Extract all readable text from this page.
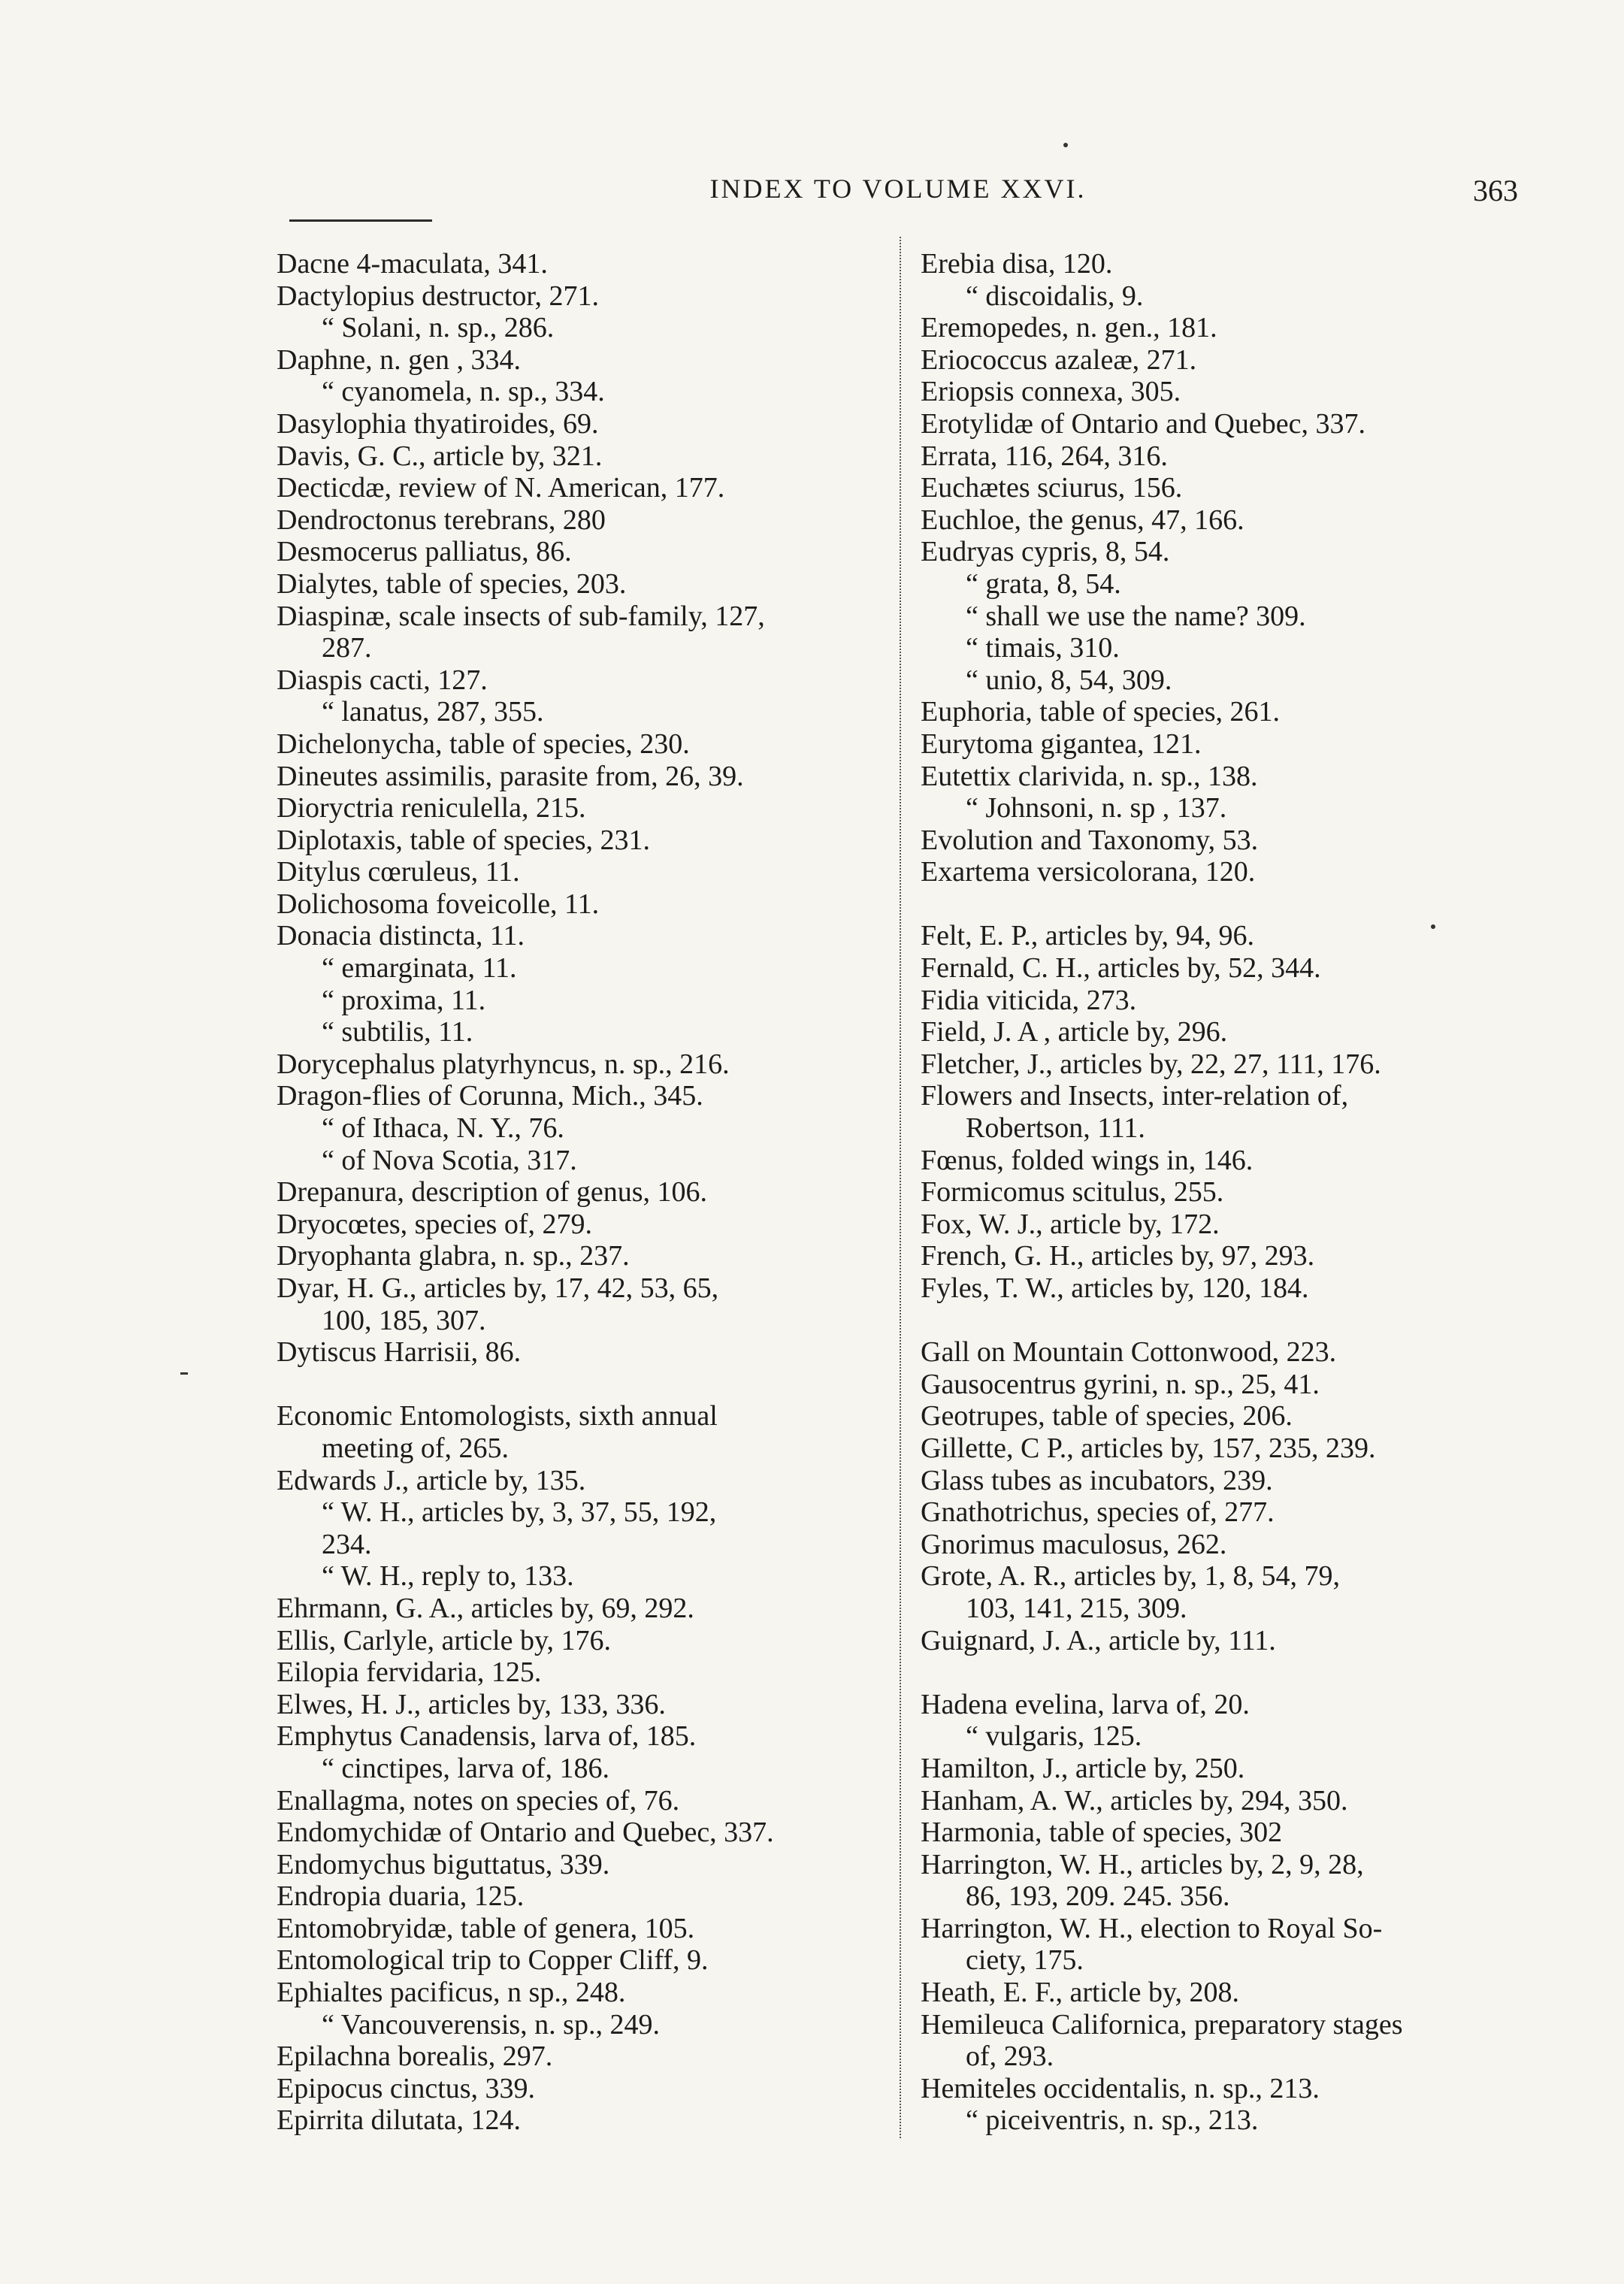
INDEX TO VOLUME XXVI.	363
Dacne 4-maculata, 341.
Dactylopius destructor, 271.
“ Solani, n. sp., 286.
Daphne, n. gen , 334.
“ cyanomela, n. sp., 334.
Dasylophia thyatiroides, 69.
Davis, G. C., article by, 321.
Decticdæ, review of N. American, 177.
Dendroctonus terebrans, 280
Desmocerus palliatus, 86.
Dialytes, table of species, 203.
Diaspinæ, scale insects of sub-family, 127,
287.
Diaspis cacti, 127.
“ lanatus, 287, 355.
Dichelonycha, table of species, 230.
Dineutes assimilis, parasite from, 26, 39.
Dioryctria reniculella, 215.
Diplotaxis, table of species, 231.
Ditylus cœruleus, 11.
Dolichosoma foveicolle, 11.
Donacia distincta, 11.
“ emarginata, 11.
“ proxima, 11.
“ subtilis, 11.
Dorycephalus platyrhyncus, n. sp., 216.
Dragon-flies of Corunna, Mich., 345.
“ of Ithaca, N. Y., 76.
“ of Nova Scotia, 317.
Drepanura, description of genus, 106.
Dryocœtes, species of, 279.
Dryophanta glabra, n. sp., 237.
Dyar, H. G., articles by, 17, 42, 53, 65,
100, 185, 307.
Dytiscus Harrisii, 86.
Economic Entomologists, sixth annual
meeting of, 265.
Edwards J., article by, 135.
“ W. H., articles by, 3, 37, 55, 192,
234.
“ W. H., reply to, 133.
Ehrmann, G. A., articles by, 69, 292.
Ellis, Carlyle, article by, 176.
Eilopia fervidaria, 125.
Elwes, H. J., articles by, 133, 336.
Emphytus Canadensis, larva of, 185.
“ cinctipes, larva of, 186.
Enallagma, notes on species of, 76.
Endomychidæ of Ontario and Quebec, 337.
Endomychus biguttatus, 339.
Endropia duaria, 125.
Entomobryidæ, table of genera, 105.
Entomological trip to Copper Cliff, 9.
Ephialtes pacificus, n sp., 248.
“ Vancouverensis, n. sp., 249.
Epilachna borealis, 297.
Epipocus cinctus, 339.
Epirrita dilutata, 124.
Erebia disa, 120.
“ discoidalis, 9.
Eremopedes, n. gen., 181.
Eriococcus azaleæ, 271.
Eriopsis connexa, 305.
Erotylidæ of Ontario and Quebec, 337.
Errata, 116, 264, 316.
Euchætes sciurus, 156.
Euchloe, the genus, 47, 166.
Eudryas cypris, 8, 54.
“ grata, 8, 54.
“ shall we use the name? 309.
“ timais, 310.
“ unio, 8, 54, 309.
Euphoria, table of species, 261.
Eurytoma gigantea, 121.
Eutettix clarivida, n. sp., 138.
“ Johnsoni, n. sp , 137.
Evolution and Taxonomy, 53.
Exartema versicolorana, 120.
Felt, E. P., articles by, 94, 96.
Fernald, C. H., articles by, 52, 344.
Fidia viticida, 273.
Field, J. A , article by, 296.
Fletcher, J., articles by, 22, 27, 111, 176.
Flowers and Insects, inter-relation of,
Robertson, 111.
Fœnus, folded wings in, 146.
Formicomus scitulus, 255.
Fox, W. J., article by, 172.
French, G. H., articles by, 97, 293.
Fyles, T. W., articles by, 120, 184.
Gall on Mountain Cottonwood, 223.
Gausocentrus gyrini, n. sp., 25, 41.
Geotrupes, table of species, 206.
Gillette, C P., articles by, 157, 235, 239.
Glass tubes as incubators, 239.
Gnathotrichus, species of, 277.
Gnorimus maculosus, 262.
Grote, A. R., articles by, 1, 8, 54, 79,
103, 141, 215, 309.
Guignard, J. A., article by, 111.
Hadena evelina, larva of, 20.
“ vulgaris, 125.
Hamilton, J., article by, 250.
Hanham, A. W., articles by, 294, 350.
Harmonia, table of species, 302
Harrington, W. H., articles by, 2, 9, 28,
86, 193, 209. 245. 356.
Harrington, W. H., election to Royal So-
ciety, 175.
Heath, E. F., article by, 208.
Hemileuca Californica, preparatory stages
of, 293.
Hemiteles occidentalis, n. sp., 213.
“ piceiventris, n. sp., 213.
